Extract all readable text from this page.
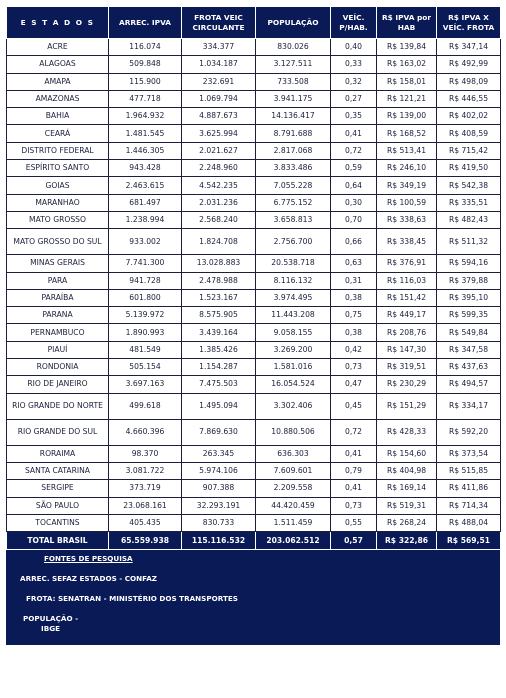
E S T A D O S	ARREC. IPVA	FROTA VEIC CIRCULANTE	POPULAÇÃO	VEÍC. P/HAB.	R$ IPVA por HAB	R$ IPVA X VEÍC. FROTA
ACRE	116.074	334.377	830.026	0,40	R$ 139,84	R$ 347,14
ALAGOAS	509.848	1.034.187	3.127.511	0,33	R$ 163,02	R$ 492,99
AMAPA	115.900	232.691	733.508	0,32	R$ 158,01	R$ 498,09
AMAZONAS	477.718	1.069.794	3.941.175	0,27	R$ 121,21	R$ 446,55
BAHIA	1.964.932	4.887.673	14.136.417	0,35	R$ 139,00	R$ 402,02
CEARÁ	1.481.545	3.625.994	8.791.688	0,41	R$ 168,52	R$ 408,59
DISTRITO FEDERAL	1.446.305	2.021.627	2.817.068	0,72	R$ 513,41	R$ 715,42
ESPÍRITO SANTO	943.428	2.248.960	3.833.486	0,59	R$ 246,10	R$ 419,50
GOIAS	2.463.615	4.542.235	7.055.228	0,64	R$ 349,19	R$ 542,38
MARANHAO	681.497	2.031.236	6.775.152	0,30	R$ 100,59	R$ 335,51
MATO GROSSO	1.238.994	2.568.240	3.658.813	0,70	R$ 338,63	R$ 482,43
MATO GROSSO DO SUL	933.002	1.824.708	2.756.700	0,66	R$ 338,45	R$ 511,32
MINAS GERAIS	7.741.300	13.028.883	20.538.718	0,63	R$ 376,91	R$ 594,16
PARA	941.728	2.478.988	8.116.132	0,31	R$ 116,03	R$ 379,88
PARAÍBA	601.800	1.523.167	3.974.495	0,38	R$ 151,42	R$ 395,10
PARANA	5.139.972	8.575.905	11.443.208	0,75	R$ 449,17	R$ 599,35
PERNAMBUCO	1.890.993	3.439.164	9.058.155	0,38	R$ 208,76	R$ 549,84
PIAUÍ	481.549	1.385.426	3.269.200	0,42	R$ 147,30	R$ 347,58
RONDONIA	505.154	1.154.287	1.581.016	0,73	R$ 319,51	R$ 437,63
RIO DE JANEIRO	3.697.163	7.475.503	16.054.524	0,47	R$ 230,29	R$ 494,57
RIO GRANDE DO NORTE	499.618	1.495.094	3.302.406	0,45	R$ 151,29	R$ 334,17
RIO GRANDE DO SUL	4.660.396	7.869.630	10.880.506	0,72	R$ 428,33	R$ 592,20
RORAIMA	98.370	263.345	636.303	0,41	R$ 154,60	R$ 373,54
SANTA CATARINA	3.081.722	5.974.106	7.609.601	0,79	R$ 404,98	R$ 515,85
SERGIPE	373.719	907.388	2.209.558	0,41	R$ 169,14	R$ 411,86
SÃO PAULO	23.068.161	32.293.191	44.420.459	0,73	R$ 519,31	R$ 714,34
TOCANTINS	405.435	830.733	1.511.459	0,55	R$ 268,24	R$ 488,04
TOTAL BRASIL	65.559.938	115.116.532	203.062.512	0,57	R$ 322,86	R$ 569,51
FONTES DE PESQUISA
ARREC. SEFAZ ESTADOS - CONFAZ
FROTA: SENATRAN - MINISTÉRIO DOS TRANSPORTES
POPULAÇÃO -
IBGE
